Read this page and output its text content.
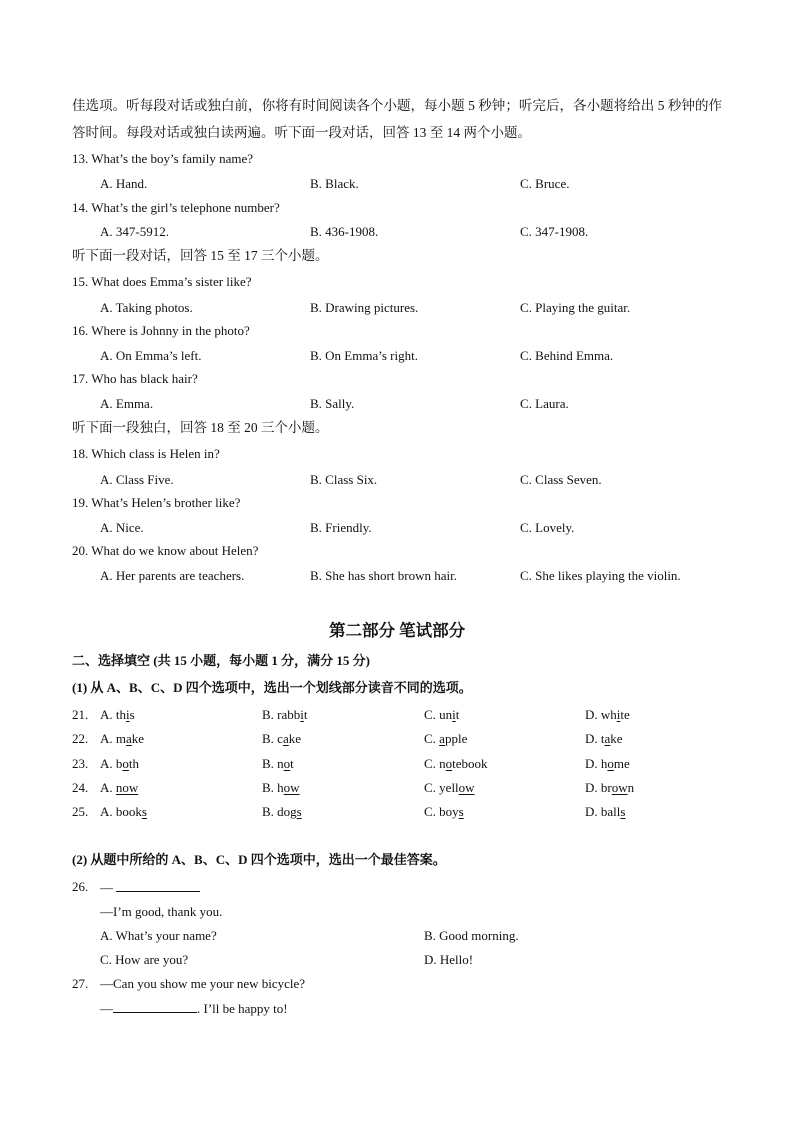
佳选项。听每段对话或独白前，你将有时间阅读各个小题，每小题 5 秒钟；听完后，各小题将给出 5 秒钟的作答时间。每段对话或独白读两遍。听下面一段对话，回答 13 至 14 两个小题。
13. What’s the boy’s family name?
A. Hand.	B. Black.	C. Bruce.
14. What’s the girl’s telephone number?
A. 347-5912.	B. 436-1908.	C. 347-1908.
听下面一段对话，回答 15 至 17 三个小题。
15. What does Emma’s sister like?
A. Taking photos.	B. Drawing pictures.	C. Playing the guitar.
16. Where is Johnny in the photo?
A. On Emma’s left.	B. On Emma’s right.	C. Behind Emma.
17. Who has black hair?
A. Emma.	B. Sally.	C. Laura.
听下面一段独白，回答 18 至 20 三个小题。
18. Which class is Helen in?
A. Class Five.	B. Class Six.	C. Class Seven.
19. What’s Helen’s brother like?
A. Nice.	B. Friendly.	C. Lovely.
20. What do we know about Helen?
A. Her parents are teachers.	B. She has short brown hair.	C. She likes playing the violin.
第二部分 笔试部分
二、选择填空 (共 15 小题，每小题 1 分，满分 15 分)
(1) 从 A、B、C、D 四个选项中，选出一个划线部分读音不同的选项。
21. A. this	B. rabbit	C. unit	D. white
22. A. make	B. cake	C. apple	D. take
23. A. both	B. not	C. notebook	D. home
24. A. now	B. how	C. yellow	D. brown
25. A. books	B. dogs	C. boys	D. balls
(2) 从题中所给的 A、B、C、D 四个选项中，选出一个最佳答案。
26. —
—I’m good, thank you.
A. What’s your name?	B. Good morning.
C. How are you?	D. Hello!
27. —Can you show me your new bicycle?
—	. I’ll be happy to!
